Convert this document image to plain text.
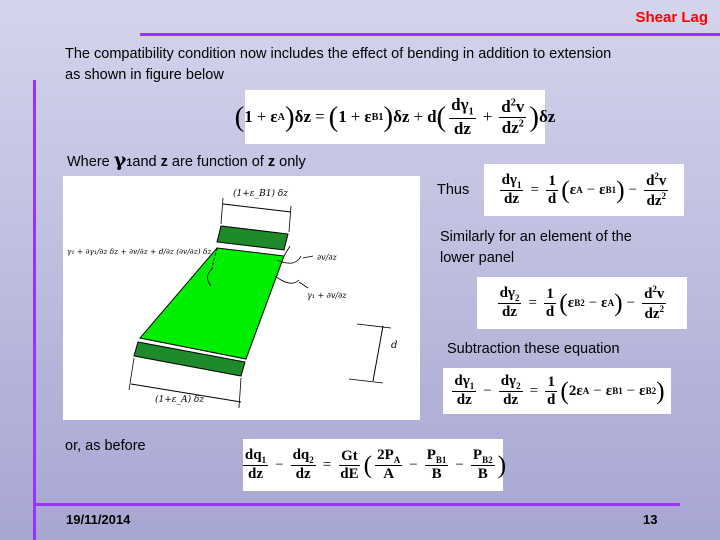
Shear Lag
The compatibility condition now includes the effect of bending in addition to extension
as shown in figure below
( 1 + ε A ) δz = ( 1 + ε B1 ) δz + d ( $\frac{d\gamma_1}{dz} + \frac{d^2v}{dz^2}$ ) δz
Where γ1and z are function of z only
(1+ε_B1) δz
(1+ε_A) δz
γ₁ + ∂γ₁/∂z δz + ∂v/∂z + d/∂z (∂v/∂z) δz
∂v/∂z
γ₁ + ∂v/∂z
d
Thus $\frac{d\gamma_1}{dz} = \frac{1}{d}$ ( ε A − ε B1 ) − $\frac{d^2v}{dz^2}$
Similarly for an element of the
lower panel
$\frac{d\gamma_2}{dz} = \frac{1}{d}$ ( ε B2 − ε A ) − $\frac{d^2v}{dz^2}$
Subtraction these equation
$\frac{d\gamma_1}{dz} - \frac{d\gamma_2}{dz} = \frac{1}{d}$ ( 2ε A − ε B1 − ε B2 )
or, as before
$\frac{dq_1}{dz} - \frac{dq_2}{dz} = \frac{Gt}{dE}$ ( $\frac{2P_A}{A} - \frac{P_{B1}}{B} - \frac{P_{B2}}{B}$ )
19/11/2014	13
